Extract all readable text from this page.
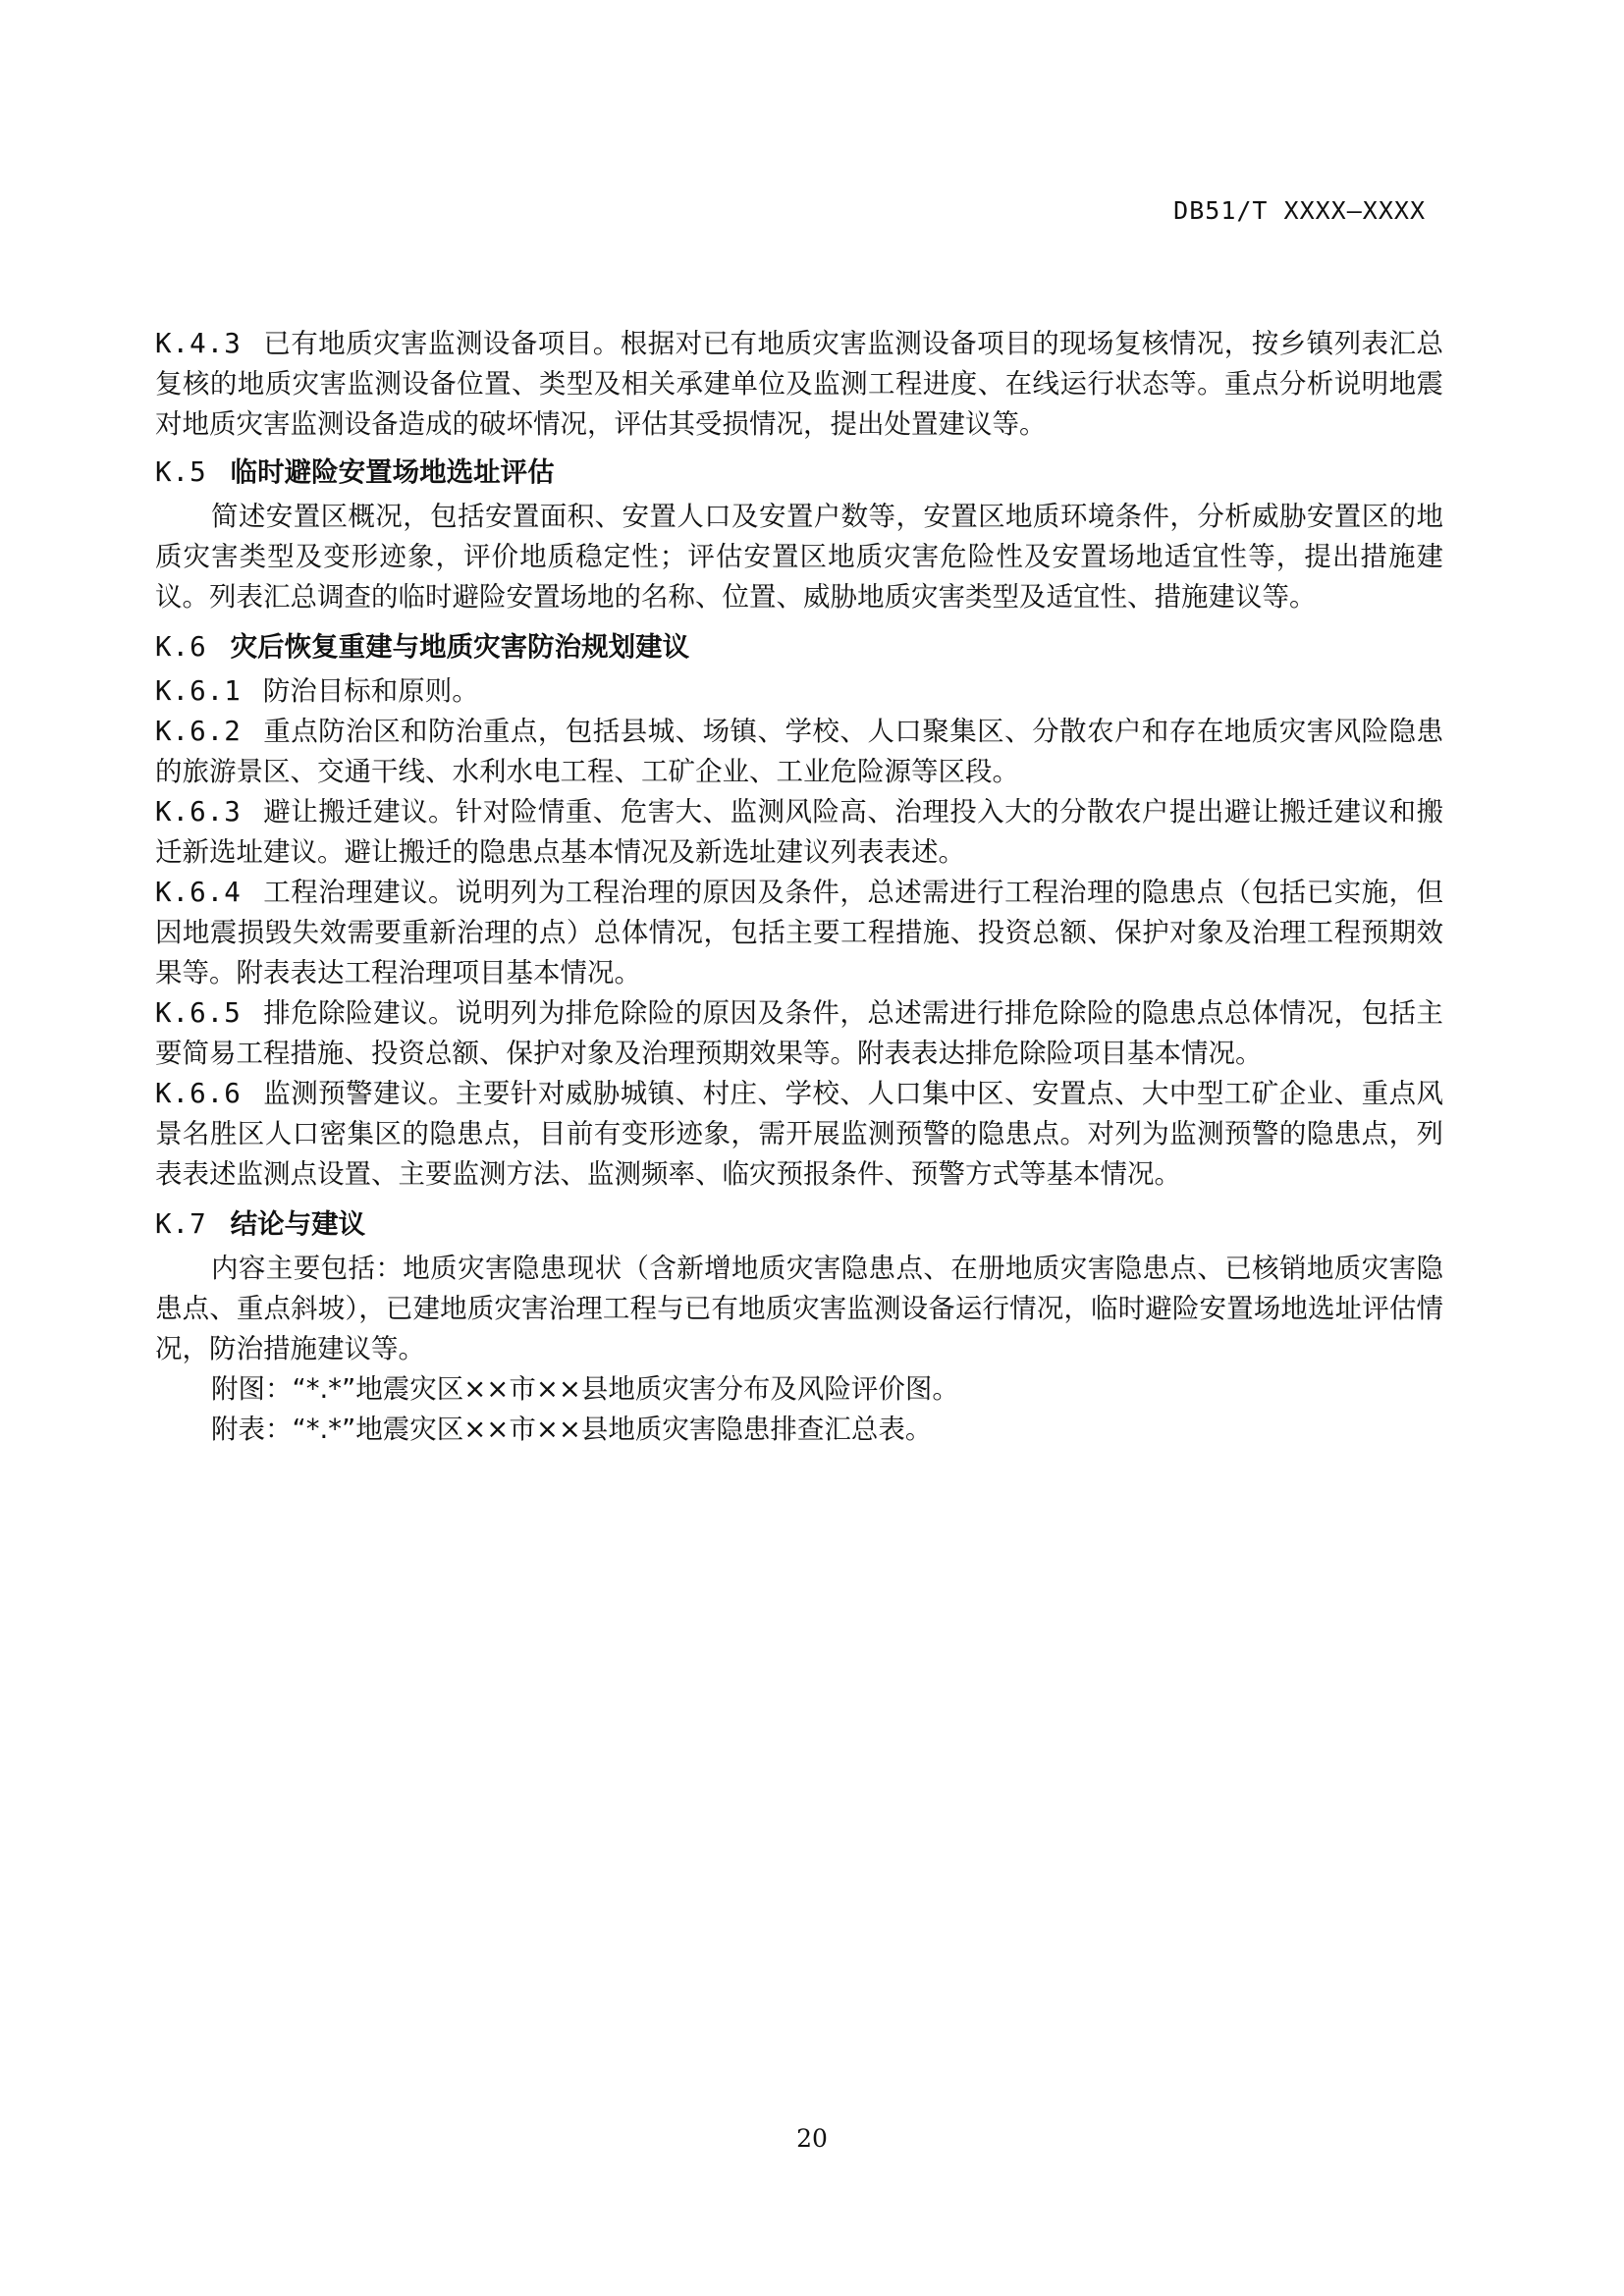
DB51/T XXXX—XXXX

K.4.3 已有地质灾害监测设备项目。根据对已有地质灾害监测设备项目的现场复核情况，按乡镇列表汇总复核的地质灾害监测设备位置、类型及相关承建单位及监测工程进度、在线运行状态等。重点分析说明地震对地质灾害监测设备造成的破坏情况，评估其受损情况，提出处置建议等。

K.5 临时避险安置场地选址评估

简述安置区概况，包括安置面积、安置人口及安置户数等，安置区地质环境条件，分析威胁安置区的地质灾害类型及变形迹象，评价地质稳定性；评估安置区地质灾害危险性及安置场地适宜性等，提出措施建议。列表汇总调查的临时避险安置场地的名称、位置、威胁地质灾害类型及适宜性、措施建议等。

K.6 灾后恢复重建与地质灾害防治规划建议

K.6.1 防治目标和原则。

K.6.2 重点防治区和防治重点，包括县城、场镇、学校、人口聚集区、分散农户和存在地质灾害风险隐患的旅游景区、交通干线、水利水电工程、工矿企业、工业危险源等区段。

K.6.3 避让搬迁建议。针对险情重、危害大、监测风险高、治理投入大的分散农户提出避让搬迁建议和搬迁新选址建议。避让搬迁的隐患点基本情况及新选址建议列表表述。

K.6.4 工程治理建议。说明列为工程治理的原因及条件，总述需进行工程治理的隐患点（包括已实施，但因地震损毁失效需要重新治理的点）总体情况，包括主要工程措施、投资总额、保护对象及治理工程预期效果等。附表表达工程治理项目基本情况。

K.6.5 排危除险建议。说明列为排危除险的原因及条件，总述需进行排危除险的隐患点总体情况，包括主要简易工程措施、投资总额、保护对象及治理预期效果等。附表表达排危除险项目基本情况。

K.6.6 监测预警建议。主要针对威胁城镇、村庄、学校、人口集中区、安置点、大中型工矿企业、重点风景名胜区人口密集区的隐患点，目前有变形迹象，需开展监测预警的隐患点。对列为监测预警的隐患点，列表表述监测点设置、主要监测方法、监测频率、临灾预报条件、预警方式等基本情况。

K.7 结论与建议

内容主要包括：地质灾害隐患现状（含新增地质灾害隐患点、在册地质灾害隐患点、已核销地质灾害隐患点、重点斜坡），已建地质灾害治理工程与已有地质灾害监测设备运行情况，临时避险安置场地选址评估情况，防治措施建议等。

附图：“*.*”地震灾区××市××县地质灾害分布及风险评价图。

附表：“*.*”地震灾区××市××县地质灾害隐患排查汇总表。

20
